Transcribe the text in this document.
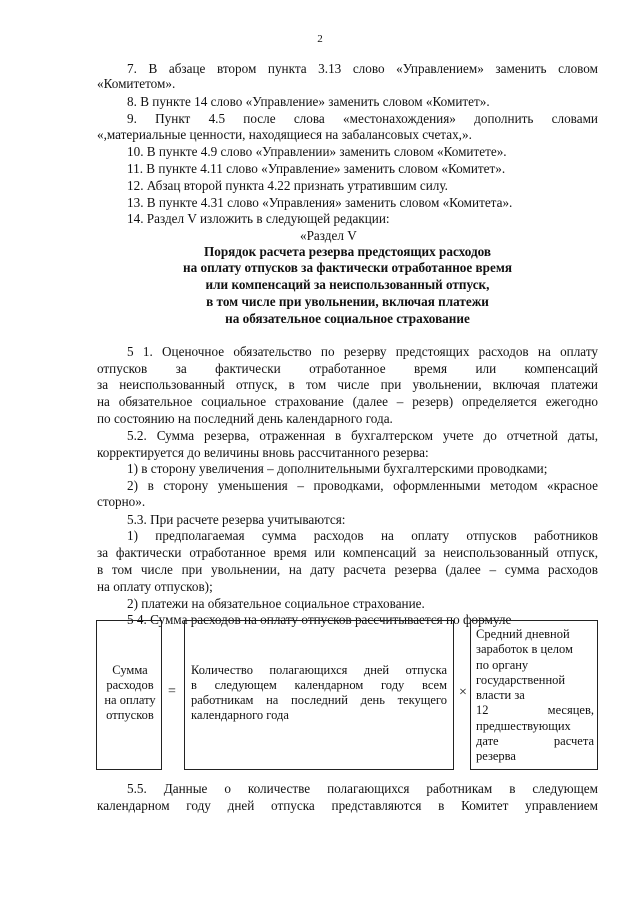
2
7. В абзаце втором пункта 3.13 слово «Управлением» заменить словом
«Комитетом».
8. В пункте 14 слово «Управление» заменить словом «Комитет».
9. Пункт 4.5 после слова «местонахождения» дополнить словами
«,материальные ценности, находящиеся на забалансовых счетах,».
10. В пункте 4.9 слово «Управлении» заменить словом «Комитете».
11. В пункте 4.11 слово «Управление» заменить словом «Комитет».
12. Абзац второй пункта 4.22 признать утратившим силу.
13. В пункте 4.31 слово «Управления» заменить словом «Комитета».
14. Раздел V изложить в следующей редакции:
«Раздел V
Порядок расчета резерва предстоящих расходов
на оплату отпусков за фактически отработанное время
или компенсаций за неиспользованный отпуск,
в том числе при увольнении, включая платежи
на обязательное социальное страхование
5 1. Оценочное обязательство по резерву предстоящих расходов на оплату
отпусков за фактически отработанное время или компенсаций
за неиспользованный отпуск, в том числе при увольнении, включая платежи
на обязательное социальное страхование (далее – резерв) определяется ежегодно
по состоянию на последний день календарного года.
5.2. Сумма резерва, отраженная в бухгалтерском учете до отчетной даты,
корректируется до величины вновь рассчитанного резерва:
1) в сторону увеличения – дополнительными бухгалтерскими проводками;
2) в сторону уменьшения – проводками, оформленными методом «красное
сторно».
5.3. При расчете резерва учитываются:
1) предполагаемая сумма расходов на оплату отпусков работников
за фактически отработанное время или компенсаций за неиспользованный отпуск,
в том числе при увольнении, на дату расчета резерва (далее – сумма расходов
на оплату отпусков);
2) платежи на обязательное социальное страхование.
5 4. Сумма расходов на оплату отпусков рассчитывается по формуле
Сумма
расходов
на оплату
отпусков
=
Количество полагающихся дней отпуска
в следующем календарном году всем
работникам на последний день текущего
календарного года
×
Средний дневной
заработок в целом
по органу
государственной
власти за
12 месяцев,
предшествующих
дате расчета
резерва
5.5. Данные о количестве полагающихся работникам в следующем
календарном году дней отпуска представляются в Комитет управлением
